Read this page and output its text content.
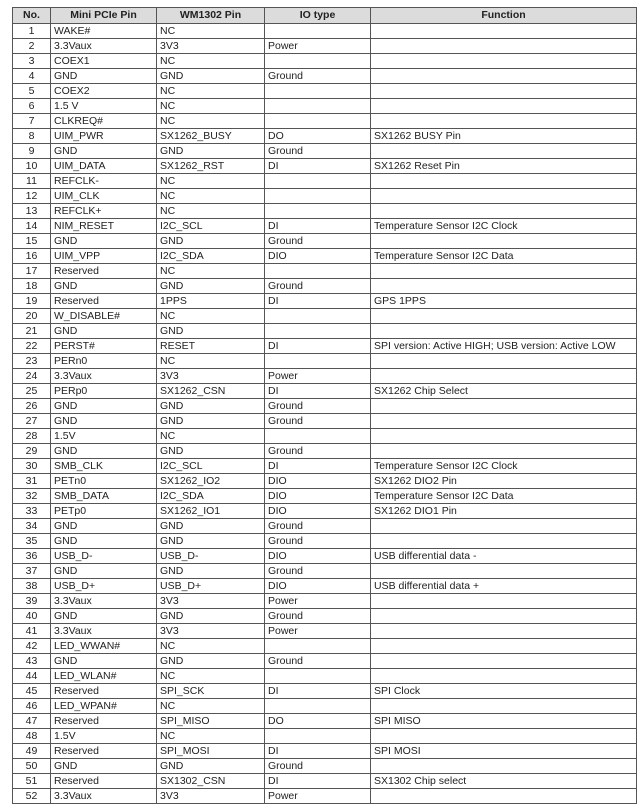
No.	Mini PCIe Pin	WM1302 Pin	IO type	Function
1	WAKE#	NC		
2	3.3Vaux	3V3	Power	
3	COEX1	NC		
4	GND	GND	Ground	
5	COEX2	NC		
6	1.5 V	NC		
7	CLKREQ#	NC		
8	UIM_PWR	SX1262_BUSY	DO	SX1262 BUSY Pin
9	GND	GND	Ground	
10	UIM_DATA	SX1262_RST	DI	SX1262 Reset Pin
11	REFCLK-	NC		
12	UIM_CLK	NC		
13	REFCLK+	NC		
14	NIM_RESET	I2C_SCL	DI	Temperature Sensor I2C Clock
15	GND	GND	Ground	
16	UIM_VPP	I2C_SDA	DIO	Temperature Sensor I2C Data
17	Reserved	NC		
18	GND	GND	Ground	
19	Reserved	1PPS	DI	GPS 1PPS
20	W_DISABLE#	NC		
21	GND	GND		
22	PERST#	RESET	DI	SPI version: Active HIGH; USB version: Active LOW
23	PERn0	NC		
24	3.3Vaux	3V3	Power	
25	PERp0	SX1262_CSN	DI	SX1262 Chip Select
26	GND	GND	Ground	
27	GND	GND	Ground	
28	1.5V	NC		
29	GND	GND	Ground	
30	SMB_CLK	I2C_SCL	DI	Temperature Sensor I2C Clock
31	PETn0	SX1262_IO2	DIO	SX1262 DIO2 Pin
32	SMB_DATA	I2C_SDA	DIO	Temperature Sensor I2C Data
33	PETp0	SX1262_IO1	DIO	SX1262 DIO1 Pin
34	GND	GND	Ground	
35	GND	GND	Ground	
36	USB_D-	USB_D-	DIO	USB differential data -
37	GND	GND	Ground	
38	USB_D+	USB_D+	DIO	USB differential data +
39	3.3Vaux	3V3	Power	
40	GND	GND	Ground	
41	3.3Vaux	3V3	Power	
42	LED_WWAN#	NC		
43	GND	GND	Ground	
44	LED_WLAN#	NC		
45	Reserved	SPI_SCK	DI	SPI Clock
46	LED_WPAN#	NC		
47	Reserved	SPI_MISO	DO	SPI MISO
48	1.5V	NC		
49	Reserved	SPI_MOSI	DI	SPI MOSI
50	GND	GND	Ground	
51	Reserved	SX1302_CSN	DI	SX1302 Chip select
52	3.3Vaux	3V3	Power	
